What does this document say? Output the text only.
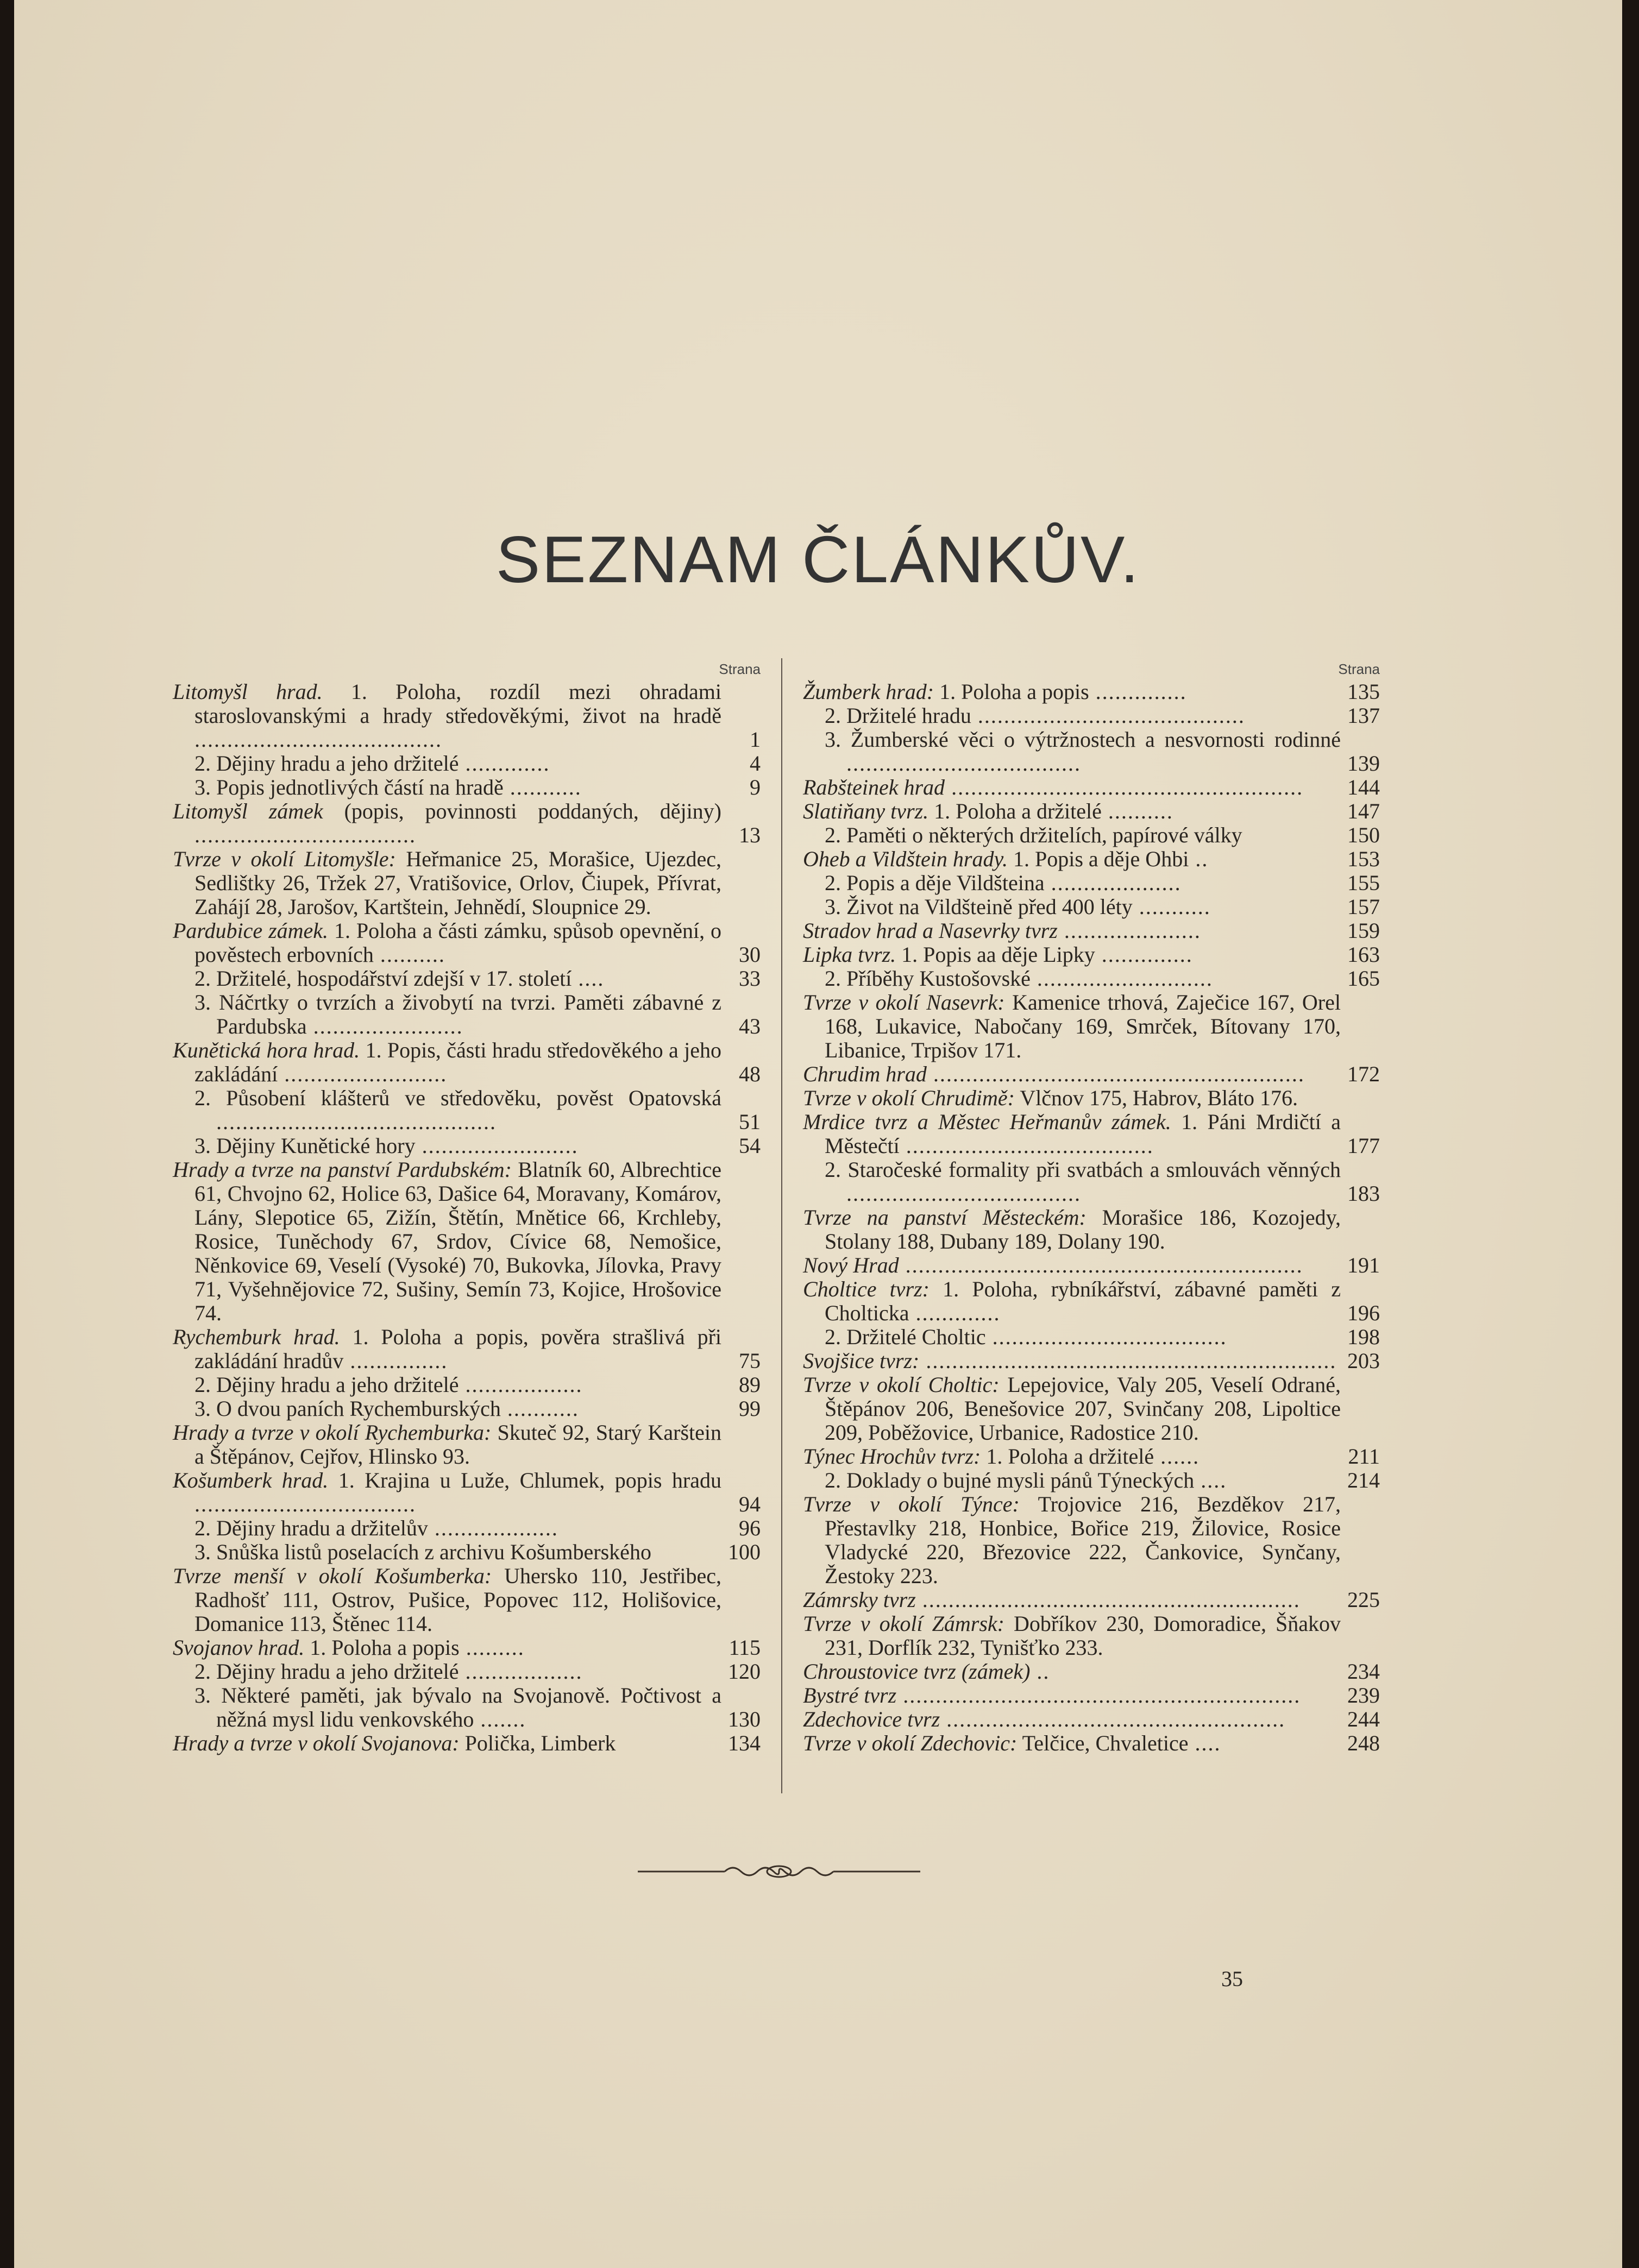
SEZNAM ČLÁNKŮV.
Strana
Litomyšl hrad. 1. Poloha, rozdíl mezi ohradami staroslovanskými a hrady středověkými, život na hradě ......................................	1
2. Dějiny hradu a jeho držitelé .............	4
3. Popis jednotlivých částí na hradě ...........	9
Litomyšl zámek (popis, povinnosti poddaných, dějiny) ..................................	13
Tvrze v okolí Litomyšle: Heřmanice 25, Morašice, Ujezdec, Sedlištky 26, Tržek 27, Vratišovice, Orlov, Čiupek, Přívrat, Zahájí 28, Jarošov, Kartštein, Jehnědí, Sloupnice 29.
Pardubice zámek. 1. Poloha a části zámku, spůsob opevnění, o pověstech erbovních ..........	30
2. Držitelé, hospodářství zdejší v 17. století ....	33
3. Náčrtky o tvrzích a živobytí na tvrzi. Paměti zábavné z Pardubska .......................	43
Kunětická hora hrad. 1. Popis, části hradu středověkého a jeho zakládání .........................	48
2. Působení klášterů ve středověku, pověst Opatovská ...........................................	51
3. Dějiny Kunětické hory ........................	54
Hrady a tvrze na panství Pardubském: Blatník 60, Albrechtice 61, Chvojno 62, Holice 63, Dašice 64, Moravany, Komárov, Lány, Slepotice 65, Zižín, Štětín, Mnětice 66, Krchleby, Rosice, Tuněchody 67, Srdov, Cívice 68, Nemošice, Něnkovice 69, Veselí (Vysoké) 70, Bukovka, Jílovka, Pravy 71, Vyšehnějovice 72, Sušiny, Semín 73, Kojice, Hrošovice 74.
Rychemburk hrad. 1. Poloha a popis, pověra strašlivá při zakládání hradův ...............	75
2. Dějiny hradu a jeho držitelé ..................	89
3. O dvou paních Rychemburských ...........	99
Hrady a tvrze v okolí Rychemburka: Skuteč 92, Starý Karštein a Štěpánov, Cejřov, Hlinsko 93.
Košumberk hrad. 1. Krajina u Luže, Chlumek, popis hradu ..................................	94
2. Dějiny hradu a držitelův ...................	96
3. Snůška listů poselacích z archivu Košumberského	100
Tvrze menší v okolí Košumberka: Uhersko 110, Jestřibec, Radhošť 111, Ostrov, Pušice, Popovec 112, Holišovice, Domanice 113, Štěnec 114.
Svojanov hrad. 1. Poloha a popis .........	115
2. Dějiny hradu a jeho držitelé ..................	120
3. Některé paměti, jak bývalo na Svojanově. Počtivost a něžná mysl lidu venkovského .......	130
Hrady a tvrze v okolí Svojanova: Polička, Limberk	134
Strana
Žumberk hrad: 1. Poloha a popis ..............	135
2. Držitelé hradu .........................................	137
3. Žumberské věci o výtržnostech a nesvornosti rodinné ....................................	139
Rabšteinek hrad ......................................................	144
Slatiňany tvrz. 1. Poloha a držitelé ..........	147
2. Paměti o některých držitelích, papírové války	150
Oheb a Vildštein hrady. 1. Popis a děje Ohbi ..	153
2. Popis a děje Vildšteina ....................	155
3. Život na Vildšteině před 400 léty ...........	157
Stradov hrad a Nasevrky tvrz .....................	159
Lipka tvrz. 1. Popis aa děje Lipky ..............	163
2. Příběhy Kustošovské ...........................	165
Tvrze v okolí Nasevrk: Kamenice trhová, Zaječice 167, Orel 168, Lukavice, Nabočany 169, Smrček, Bítovany 170, Libanice, Trpišov 171.
Chrudim hrad .........................................................	172
Tvrze v okolí Chrudimě: Vlčnov 175, Habrov, Bláto 176.
Mrdice tvrz a Městec Heřmanův zámek. 1. Páni Mrdičtí a Městečtí ......................................	177
2. Staročeské formality při svatbách a smlouvách věnných ....................................	183
Tvrze na panství Městeckém: Morašice 186, Kozojedy, Stolany 188, Dubany 189, Dolany 190.
Nový Hrad .............................................................	191
Choltice tvrz: 1. Poloha, rybníkářství, zábavné paměti z Cholticka .............	196
2. Držitelé Choltic ....................................	198
Svojšice tvrz: ............................................................... 203
Tvrze v okolí Choltic: Lepejovice, Valy 205, Veselí Odrané, Štěpánov 206, Benešovice 207, Svinčany 208, Lipoltice 209, Poběžovice, Urbanice, Radostice 210.
Týnec Hrochův tvrz: 1. Poloha a držitelé ......	211
2. Doklady o bujné mysli pánů Týneckých ....	214
Tvrze v okolí Týnce: Trojovice 216, Bezděkov 217, Přestavlky 218, Honbice, Bořice 219, Žilovice, Rosice Vladycké 220, Březovice 222, Čankovice, Synčany, Žestoky 223.
Zámrsky tvrz ..........................................................	225
Tvrze v okolí Zámrsk: Dobříkov 230, Domoradice, Šňakov 231, Dorflík 232, Tynišťko 233.
Chroustovice tvrz (zámek) ..	234
Bystré tvrz .............................................................	239
Zdechovice tvrz ....................................................	244
Tvrze v okolí Zdechovic: Telčice, Chvaletice ....	248
35
